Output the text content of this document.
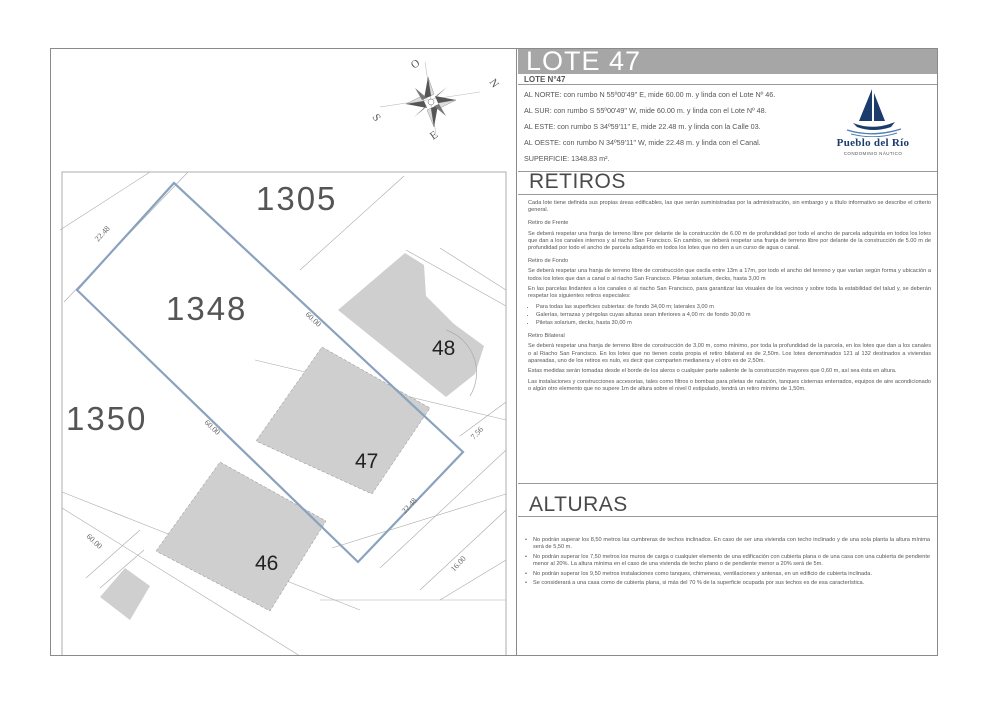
O
N
S
E
1305
1348
1350
48
47
46
22.48
60.00
60.00
22.48
60.00
7.56
16.00
LOTE 47
LOTE N°47
AL NORTE: con rumbo N 55º00'49" E, mide 60.00 m. y linda con el Lote Nº 46.
AL SUR: con rumbo S 55º00'49" W, mide 60.00 m. y linda con el Lote Nº 48.
AL ESTE: con rumbo S 34º59'11" E, mide 22.48 m. y linda con la Calle 03.
AL OESTE: con rumbo N 34º59'11" W, mide 22.48 m. y linda con el Canal.
SUPERFICIE: 1348.83 m².
Pueblo del Río
CONDOMINIO NÁUTICO
RETIROS

Cada lote tiene definida sus propias áreas edificables, las que serán suministradas por la administración, sin embargo y a título informativo se describe el criterio general.

Retiro de Frente

Se deberá respetar una franja de terreno libre por delante de la construcción de 6.00 m de profundidad por todo el ancho de parcela adquirida en todos los lotes que dan a los canales internos y al riacho San Francisco. En cambio, se deberá respetar una franja de terreno libre por delante de la construcción de 5.00 m de profundidad por todo el ancho de parcela adquirido en todos los lotes que no den a un curso de agua o canal.

Retiro de Fondo

Se deberá respetar una franja de terreno libre de construcción que oscila entre 13m a 17m, por todo el ancho del terreno y que varían según forma y ubicación a todos los lotes que dan a canal o al riacho San Francisco. Piletas solarium, decks, hasta 3,00 m

En las parcelas lindantes a los canales o al riacho San Francisco, para garantizar las visuales de los vecinos y sobre toda la estabilidad del talud y, se deberán respetar los siguientes retiros especiales:

• Para todas las superficies cubiertas: de fondo 34,00 m; laterales 3,00 m
• Galerías, terrazas y pérgolas cuyas alturas sean inferiores a 4,00 m: de fondo 30,00 m
• Piletas solarium, decks, hasta 30,00 m

Retiro Bilateral

Se deberá respetar una franja de terreno libre de construcción de 3,00 m, como mínimo, por toda la profundidad de la parcela, en los lotes que dan a los canales o al Riacho San Francisco. En los lotes que no tienen costa propia el retiro bilateral es de 2,50m. Los lotes denominados 121 al 132 destinados a viviendas apareadas, uno de los retiros es nulo, es decir que comparten medianera y el otro es de 2,50m.

Estas medidas serán tomadas desde el borde de los aleros o cualquier parte saliente de la construcción mayores que 0,60 m, así sea ésta en altura.

Las instalaciones y construcciones accesorias, tales como filtros o bombas para piletas de natación, tanques cisternas enterrados, equipos de aire acondicionado o algún otro elemento que no supere 1m de altura sobre el nivel 0 estipulado, tendrá un retiro mínimo de 1,50m.

ALTURAS
• No podrán superar los 8,50 metros las cumbreras de techos inclinados. En caso de ser una vivienda con techo inclinado y de una sola planta la altura mínima será de 5,50 m.
• No podrán superar los 7,50 metros los muros de carga o cualquier elemento de una edificación con cubierta plana o de una casa con una cubierta de pendiente menor al 20%. La altura mínima en el caso de una vivienda de techo plano o de pendiente menor a 20% será de 5m.
• No podrán superar los 9,50 metros instalaciones como tanques, chimeneas, ventilaciones y antenas, en un edificio de cubierta inclinada.
• Se considerará a una casa como de cubierta plana, si más del 70 % de la superficie ocupada por sus techos es de esa característica.
